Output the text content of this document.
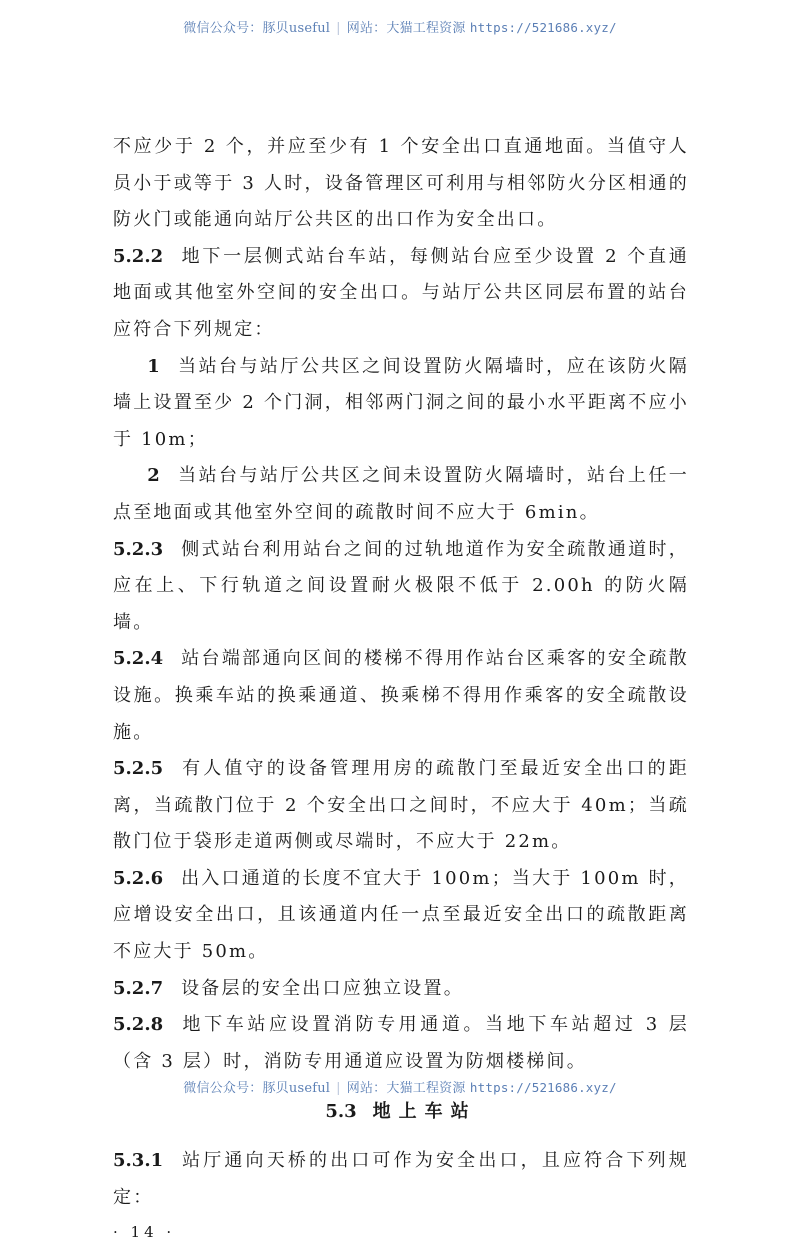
微信公众号：豚贝useful | 网站：大猫工程资源 https://521686.xyz/

不应少于 2 个，并应至少有 1 个安全出口直通地面。当值守人员小于或等于 3 人时，设备管理区可利用与相邻防火分区相通的防火门或能通向站厅公共区的出口作为安全出口。

5.2.2 地下一层侧式站台车站，每侧站台应至少设置 2 个直通地面或其他室外空间的安全出口。与站厅公共区同层布置的站台应符合下列规定：

1 当站台与站厅公共区之间设置防火隔墙时，应在该防火隔墙上设置至少 2 个门洞，相邻两门洞之间的最小水平距离不应小于 10m；

2 当站台与站厅公共区之间未设置防火隔墙时，站台上任一点至地面或其他室外空间的疏散时间不应大于 6min。

5.2.3 侧式站台利用站台之间的过轨地道作为安全疏散通道时，应在上、下行轨道之间设置耐火极限不低于 2.00h 的防火隔墙。

5.2.4 站台端部通向区间的楼梯不得用作站台区乘客的安全疏散设施。换乘车站的换乘通道、换乘梯不得用作乘客的安全疏散设施。

5.2.5 有人值守的设备管理用房的疏散门至最近安全出口的距离，当疏散门位于 2 个安全出口之间时，不应大于 40m；当疏散门位于袋形走道两侧或尽端时，不应大于 22m。

5.2.6 出入口通道的长度不宜大于 100m；当大于 100m 时，应增设安全出口，且该通道内任一点至最近安全出口的疏散距离不应大于 50m。

5.2.7 设备层的安全出口应独立设置。

5.2.8 地下车站应设置消防专用通道。当地下车站超过 3 层（含 3 层）时，消防专用通道应设置为防烟楼梯间。

5.3 地上车站

5.3.1 站厅通向天桥的出口可作为安全出口，且应符合下列规定：

· 14 ·
微信公众号：豚贝useful | 网站：大猫工程资源 https://521686.xyz/
